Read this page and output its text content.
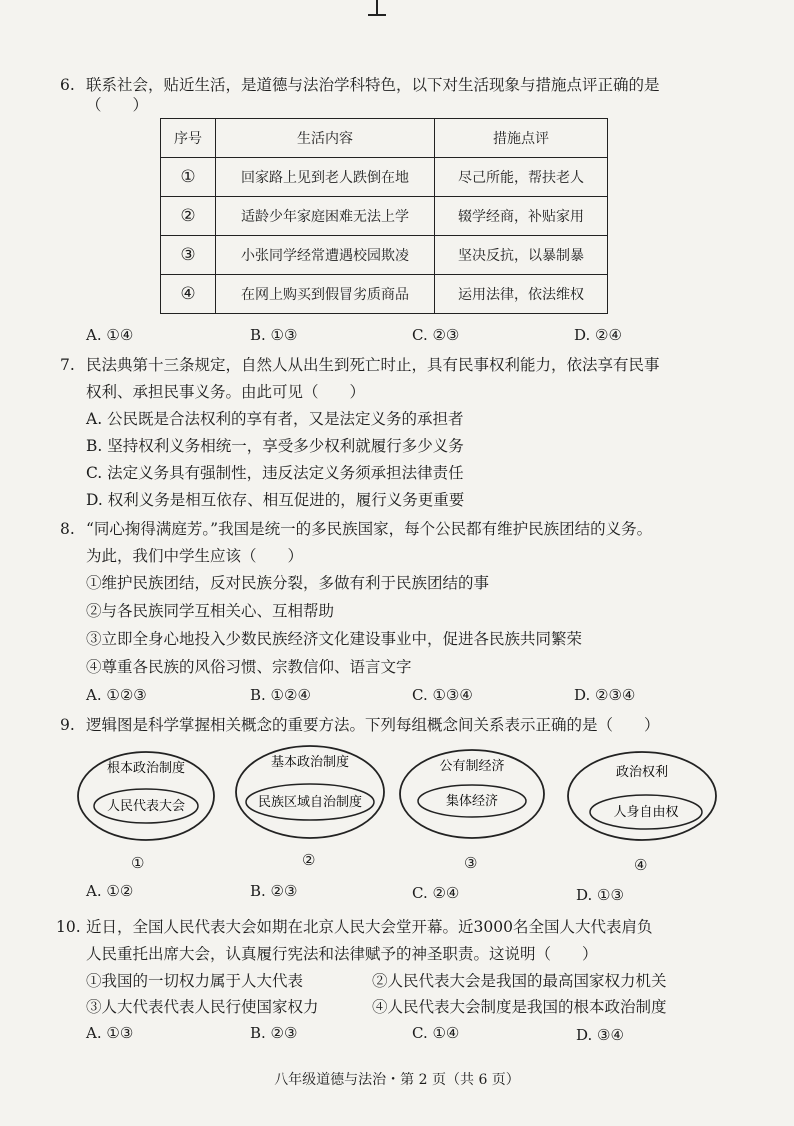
6. 联系社会，贴近生活，是道德与法治学科特色，以下对生活现象与措施点评正确的是
（　　）
序号	生活内容	措施点评
①	回家路上见到老人跌倒在地	尽己所能，帮扶老人
②	适龄少年家庭困难无法上学	辍学经商，补贴家用
③	小张同学经常遭遇校园欺凌	坚决反抗，以暴制暴
④	在网上购买到假冒劣质商品	运用法律，依法维权
A. ①④	B. ①③	C. ②③	D. ②④
7. 民法典第十三条规定，自然人从出生到死亡时止，具有民事权利能力，依法享有民事
权利、承担民事义务。由此可见（　　）
A. 公民既是合法权利的享有者，又是法定义务的承担者
B. 坚持权利义务相统一，享受多少权利就履行多少义务
C. 法定义务具有强制性，违反法定义务须承担法律责任
D. 权利义务是相互依存、相互促进的，履行义务更重要
8. “同心掬得满庭芳。”我国是统一的多民族国家，每个公民都有维护民族团结的义务。
为此，我们中学生应该（　　）
①维护民族团结，反对民族分裂，多做有利于民族团结的事
②与各民族同学互相关心、互相帮助
③立即全身心地投入少数民族经济文化建设事业中，促进各民族共同繁荣
④尊重各民族的风俗习惯、宗教信仰、语言文字
A. ①②③	B. ①②④	C. ①③④	D. ②③④
9. 逻辑图是科学掌握相关概念的重要方法。下列每组概念间关系表示正确的是（　　）
根本政治制度
人民代表大会
基本政治制度
民族区域自治制度
公有制经济
集体经济
政治权利
人身自由权
①	②	③	④
A. ①②	B. ②③	C. ②④	D. ①③
10. 近日，全国人民代表大会如期在北京人民大会堂开幕。近3000名全国人大代表肩负
人民重托出席大会，认真履行宪法和法律赋予的神圣职责。这说明（　　）
①我国的一切权力属于人大代表	②人民代表大会是我国的最高国家权力机关
③人大代表代表人民行使国家权力	④人民代表大会制度是我国的根本政治制度
A. ①③	B. ②③	C. ①④	D. ③④
八年级道德与法治・第 2 页（共 6 页）
